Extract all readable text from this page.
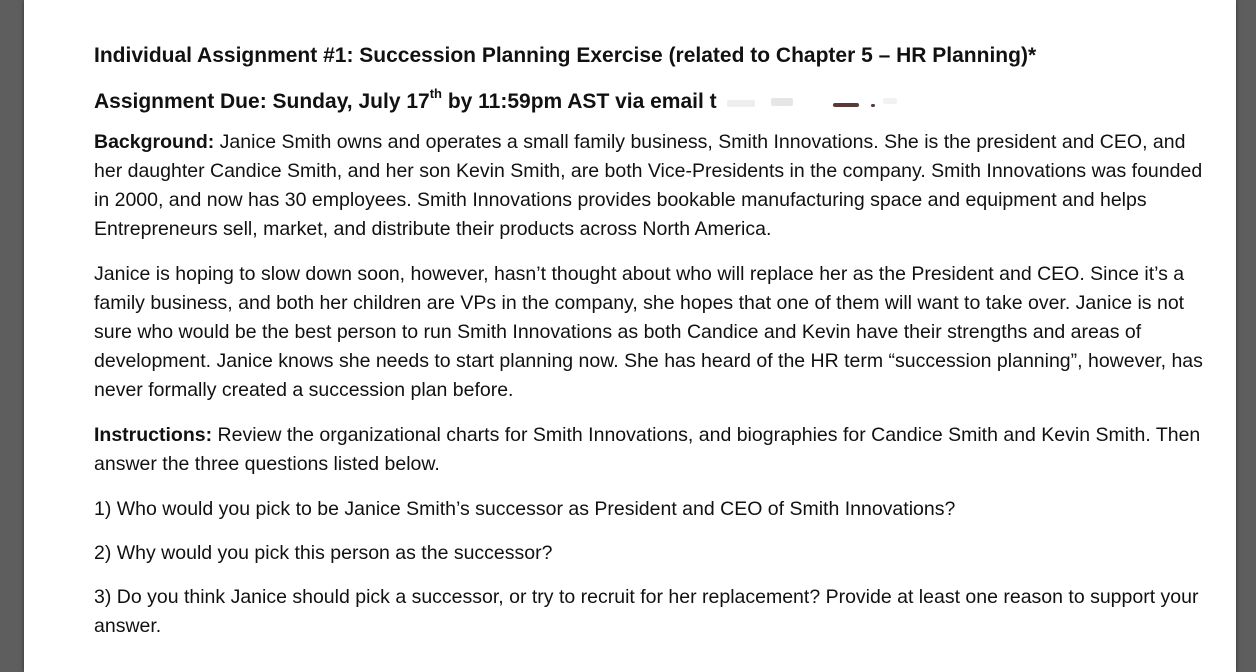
Individual Assignment #1: Succession Planning Exercise (related to Chapter 5 – HR Planning)*
Assignment Due: Sunday, July 17th by 11:59pm AST via email t

Background: Janice Smith owns and operates a small family business, Smith Innovations. She is the president and CEO, and her daughter Candice Smith, and her son Kevin Smith, are both Vice-Presidents in the company. Smith Innovations was founded in 2000, and now has 30 employees. Smith Innovations provides bookable manufacturing space and equipment and helps Entrepreneurs sell, market, and distribute their products across North America.

Janice is hoping to slow down soon, however, hasn’t thought about who will replace her as the President and CEO. Since it’s a family business, and both her children are VPs in the company, she hopes that one of them will want to take over. Janice is not sure who would be the best person to run Smith Innovations as both Candice and Kevin have their strengths and areas of development. Janice knows she needs to start planning now. She has heard of the HR term “succession planning”, however, has never formally created a succession plan before.

Instructions: Review the organizational charts for Smith Innovations, and biographies for Candice Smith and Kevin Smith. Then answer the three questions listed below.

1) Who would you pick to be Janice Smith’s successor as President and CEO of Smith Innovations?

2) Why would you pick this person as the successor?

3) Do you think Janice should pick a successor, or try to recruit for her replacement? Provide at least one reason to support your answer.
